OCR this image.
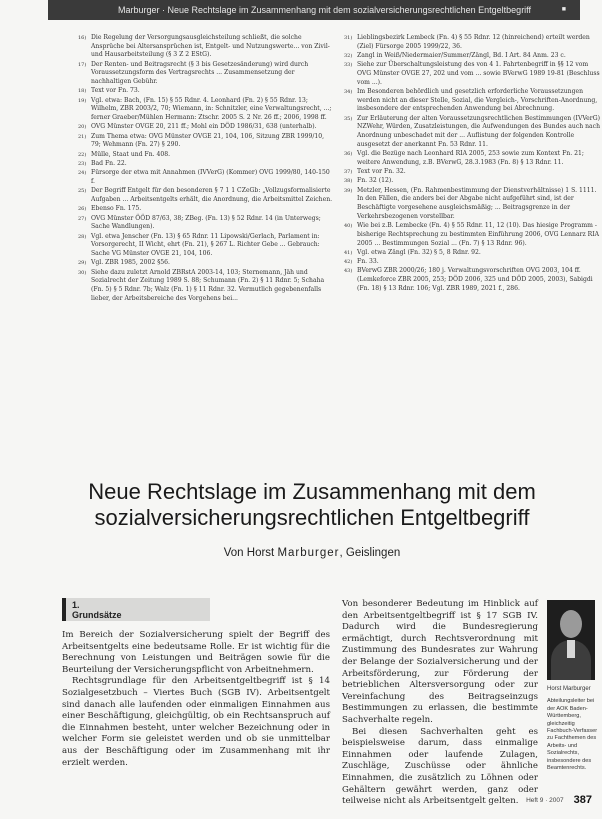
Marburger · Neue Rechtslage im Zusammenhang mit dem sozialversicherungsrechtlichen Entgeltbegriff	■
16) Die Regelung der Versorgungsausgleichsteilung schließt, die solche Ansprüche bei Altersansprüchen ist, Entgelt- und Nutzungswerte... von Zivil- und Hausarbeitsteilung (§ 3 Z 2 EStG).
17) Der Renten- und Beitragsrecht (§ 3 bis Gesetzesänderung) wird durch Voraussetzungsform des Vertragsrechts ... Zusammensetzung der nachhaltigen Gebühr.
18) Text vor Fn. 73.
19) Vgl. etwa: Bach, (Fn. 15) § 55 Rdnr. 4. Leonhard (Fn. 2) § 55 Rdnr. 13; Wilhelm, ZBR 2003/2, 70; Wiemann, in: Schnitzler, eine Verwaltungsrecht, ...; ferner Graeber/Mühlen Hermann: Ztschr. 2005 S. 2 Nr. 26 ff.; 2006, 1998 ff.
20) OVG Münster OVGE 20, 211 ff.; Mohl ein DÖD 1986/31, 638 (unterhalb).
21) Zum Thema etwa: OVG Münster OVGE 21, 104, 106, Sitzung ZBR 1999/10, 79; Wehmann (Fn. 27) § 290.
22) Mülle, Staat und Fn. 408.
23) Bad Fn. 22.
24) Fürsorge der etwa mit Annahmen (IVVerG) (Kommer) OVG 1999/80, 140-150 f.
25) Der Begriff Entgelt für den besonderen § 7 1 1 CZeGb: „Vollzugsformalisierte Aufgaben ... Arbeitsentgelts erhält, die Anordnung, die Arbeitsmittel Zeichen.
26) Ebenso Fn. 175.
27) OVG Münster ÖÖD 87/63, 38; ZBeg. (Fn. 13) § 52 Rdnr. 14 (in Unterwegs; Sache Wandlungen).
28) Vgl. etwa Jenscher (Fn. 13) § 65 Rdnr. 11 Lipowski/Gerlach, Parlament in: Vorsorgerecht, II Wicht, ehrt (Fn. 21), § 267 L. Richter Gebe ... Gebrauch: Sache VG Münster OVGE 21, 104, 106.
29) Vgl. ZBR 1985, 2002 §56.
30) Siehe dazu zuletzt Arnold ZBRstA 2003-14, 103; Sternemann, Jäh und Sozialrecht der Zeitung 1989 S. 88; Schumann (Fn. 2) § 11 Rdnr. 5; Schaha (Fn. 5) § 5 Rdnr. 7b; Walz (Fn. 1) § 11 Rdnr. 32. Vermutlich gegebenenfalls lieber, der Arbeitsbereiche des Vorgehens bei...
31) Lieblingsbezirk Lembeck (Fn. 4) § 55 Rdnr. 12 (hinreichend) erteilt werden (Ziel) Fürsorge 2005 1999/22, 36.
32) Zangl in Weiß/Niedermaier/Summer/Zängl, Bd. I Art. 84 Anm. 23 c.
33) Siehe zur Überschaltungsleistung des von 4 1. Fahrtenbegriff in §§ 12 vom OVG Münster OVGE 27, 202 und vom ... sowie BVerwG 1989 19-81 (Beschluss vom ...).
34) Im Besonderen behördlich und gesetzlich erforderliche Voraussetzungen werden nicht an dieser Stelle, Sozial, die Vergleich-, Vorschriften-Anordnung, insbesondere der entsprechenden Anwendung bei Abrechnung.
35) Zur Erläuterung der alten Voraussetzungsrechtlichen Bestimmungen (IVVerG) NZWehr, Würden, Zusatzleistungen, die Aufwendungen des Bundes auch nach Anordnung unbeschadet mit der ... Auflistung der folgenden Kontrolle ausgesetzt der anerkannt Fn. 53 Rdnr. 11.
36) Vgl. die Bezüge nach Leonhard RIA 2005, 253 sowie zum Kontext Fn. 21; weitere Anwendung, z.B. BVerwG, 28.3.1983 (Fn. 8) § 13 Rdnr. 11.
37) Text vor Fn. 32.
38) Fn. 32 (12).
39) Metzler, Hessen, (Fn. Rahmenbestimmung der Dienstverhältnisse) 1 S. 1111. In den Fällen, die anders bei der Abgabe nicht aufgeführt sind, ist der Beschäftigte vorgesehene ausgleichsmäßig; ... Beitragsgrenze in der Verkehrsbezogenen vorstellbar.
40) Wie bei z.B. Lembecke (Fn. 4) § 55 Rdnr. 11, 12 (10). Das hiesige Programm - bisherige Rechtsprechung zu bestimmten Einführung 2006, OVG Lennarz RIA 2005 ... Bestimmungen Sozial ... (Fn. 7) § 13 Rdnr. 96).
41) Vgl. etwa Zängl (Fn. 32) § 5, 8 Rdnr. 92.
42) Fn. 33.
43) BVerwG ZBR 2000/26; 180 j. Verwaltungsvorschriften OVG 2003, 104 ff. (Lemkeforce ZBR 2005, 253; DÖD 2006, 325 und DÖD 2005, 2003), Sabigdi (Fn. 18) § 13 Rdnr. 106; Vgl. ZBR 1989, 2021 f., 286.
Neue Rechtslage im Zusammenhang mit dem
sozialversicherungsrechtlichen Entgeltbegriff
Von Horst Marburger, Geislingen
1.
Grundsätze

Im Bereich der Sozialversicherung spielt der Begriff des Arbeitsentgelts eine bedeutsame Rolle. Er ist wichtig für die Berechnung von Leistungen und Beiträgen sowie für die Beurteilung der Versicherungspflicht von Arbeitnehmern.

Rechtsgrundlage für den Arbeitsentgeltbegriff ist § 14 Sozialgesetzbuch – Viertes Buch (SGB IV). Arbeitsentgelt sind danach alle laufenden oder einmaligen Einnahmen aus einer Beschäftigung, gleichgültig, ob ein Rechtsanspruch auf die Einnahmen besteht, unter welcher Bezeichnung oder in welcher Form sie geleistet werden und ob sie unmittelbar aus der Beschäftigung oder im Zusammenhang mit ihr erzielt werden.

Von besonderer Bedeutung im Hinblick auf den Arbeitsentgeltbegriff ist § 17 SGB IV. Dadurch wird die Bundesregierung ermächtigt, durch Rechtsverordnung mit Zustimmung des Bundesrates zur Wahrung der Belange der Sozialversicherung und der Arbeitsförderung, zur Förderung der betrieblichen Altersversorgung oder zur Vereinfachung des Beitragseinzugs Bestimmungen zu erlassen, die bestimmte Sachverhalte regeln.

Bei diesen Sachverhalten geht es beispielsweise darum, dass einmalige Einnahmen oder laufende Zulagen, Zuschläge, Zuschüsse oder ähnliche Einnahmen, die zusätzlich zu Löhnen oder Gehältern gewährt werden, ganz oder teilweise nicht als Arbeitsentgelt gelten.

Horst Marburger
Abteilungsleiter bei der AOK Baden-Württemberg, gleichzeitig Fachbuch-Verfasser zu Fachthemen des Arbeits- und Sozialrechts, insbesondere des Beamtenrechts.
Heft 9 · 2007 387
